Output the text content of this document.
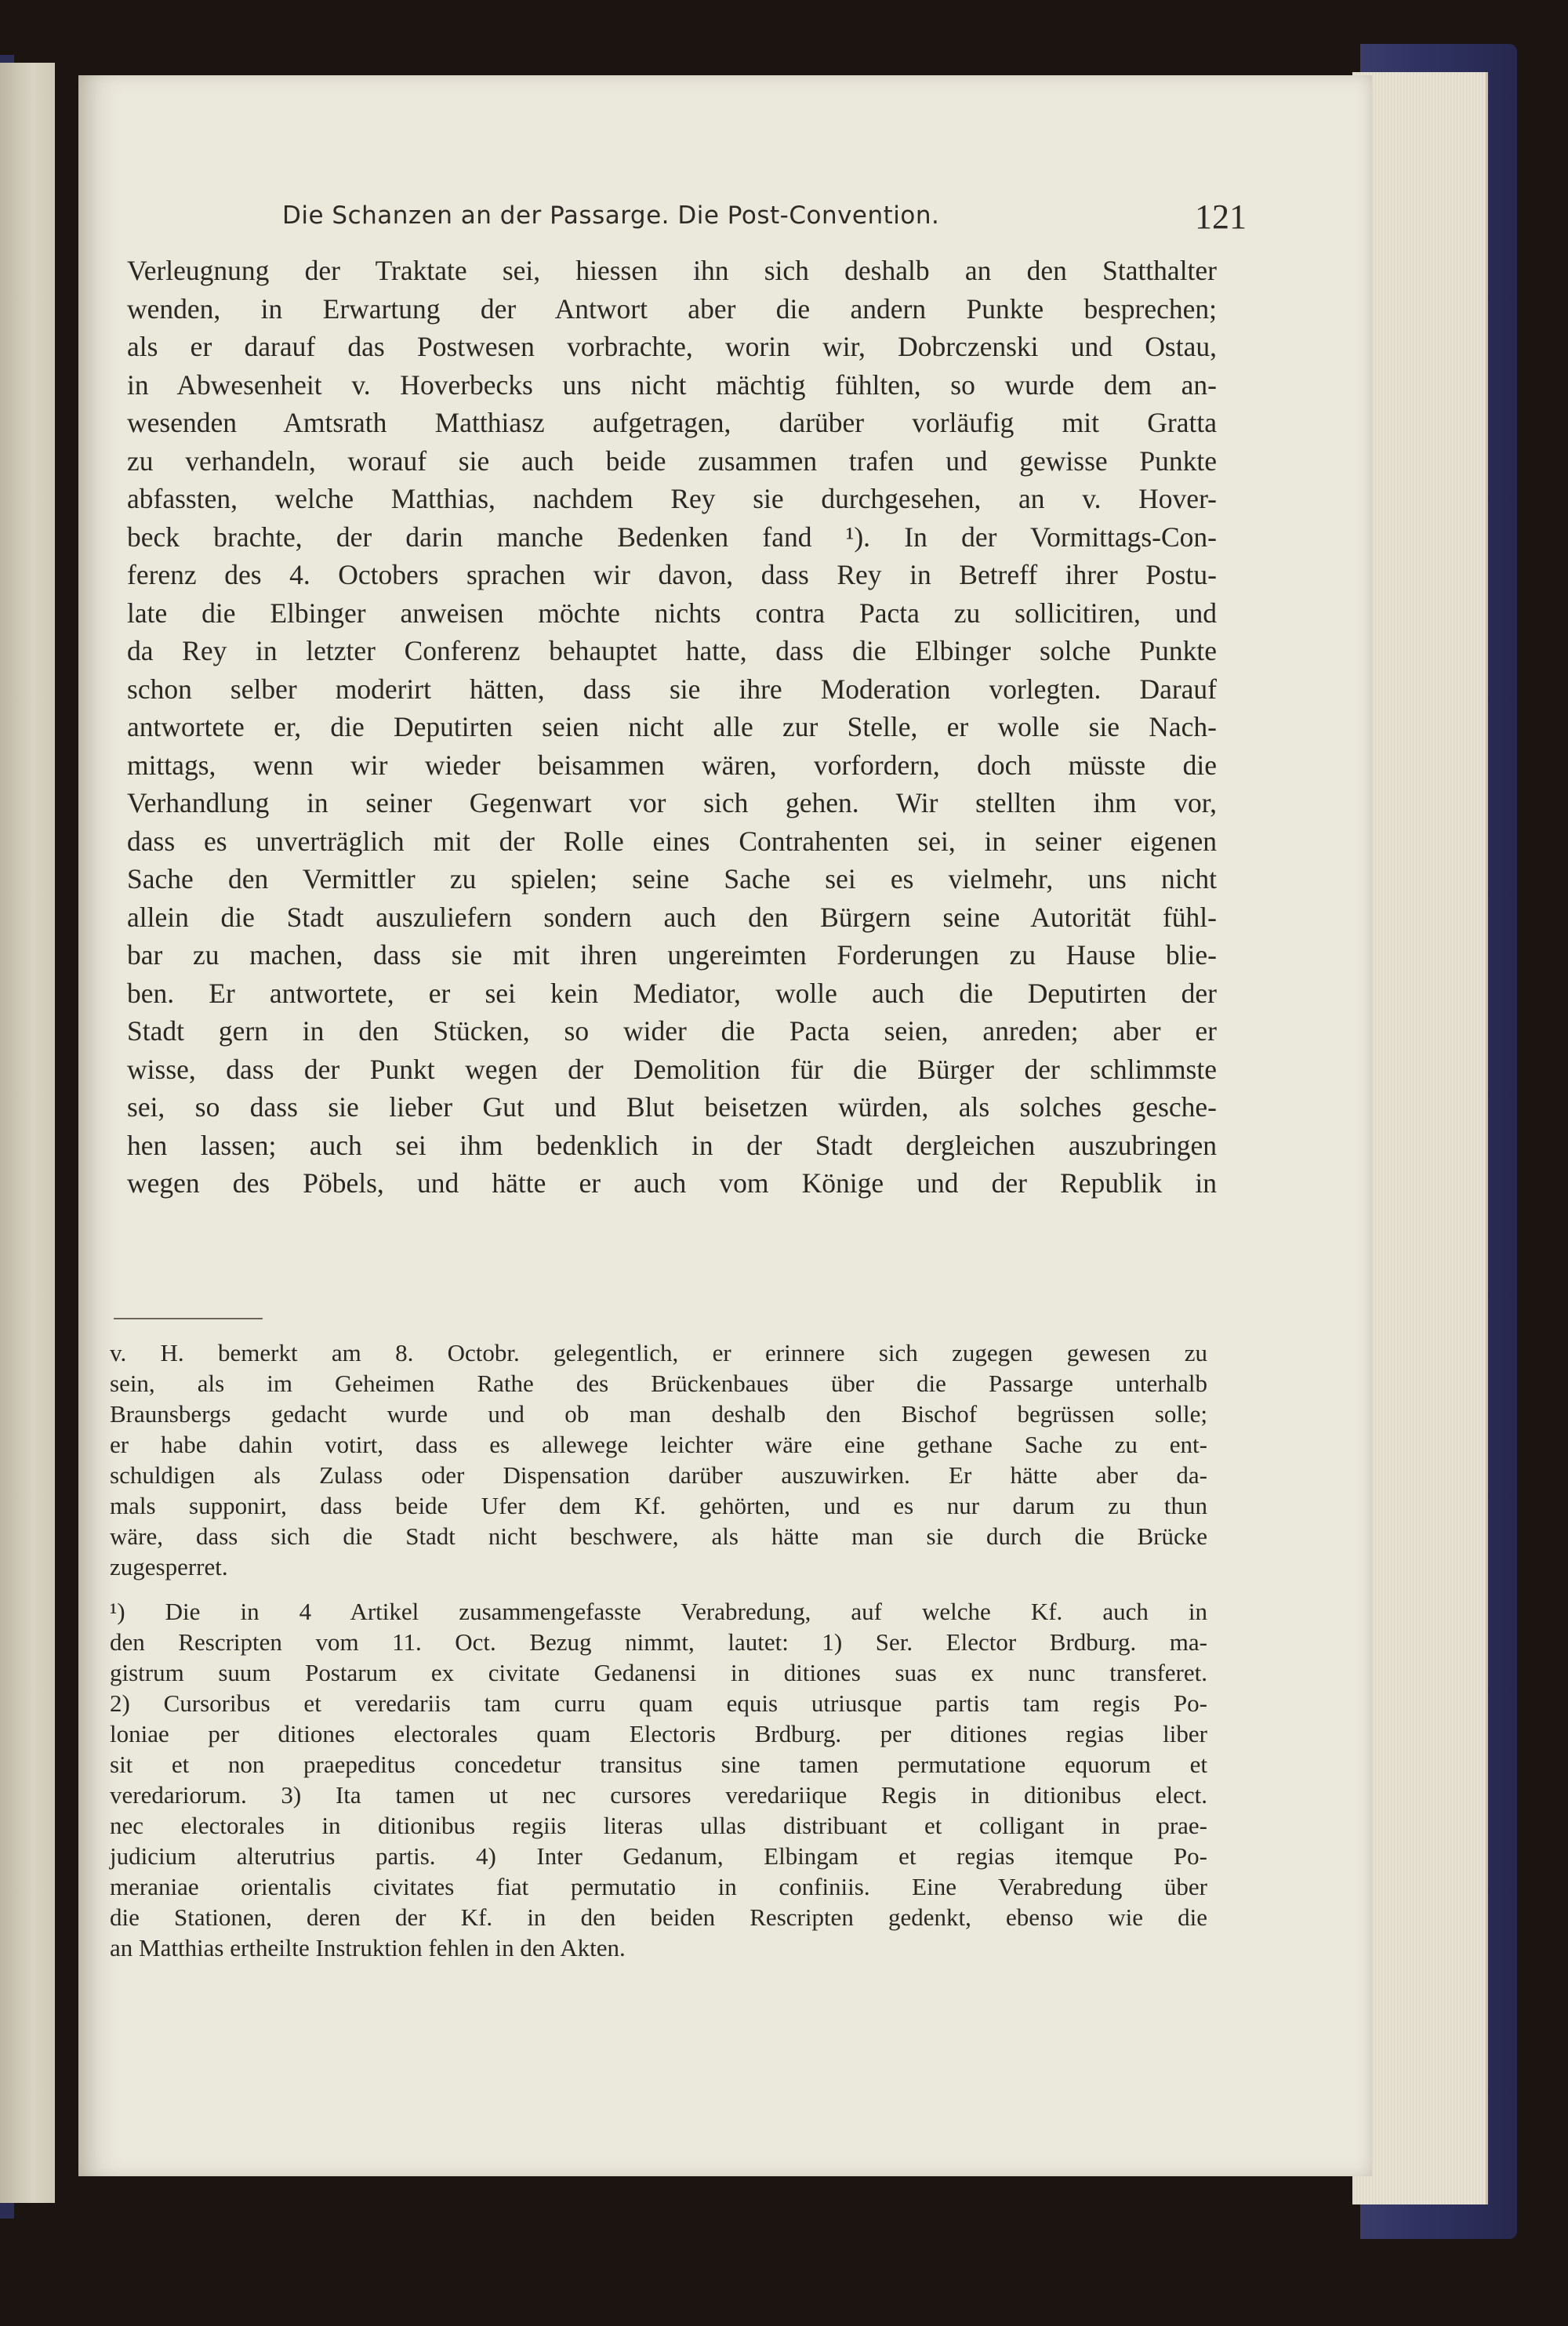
Die Schanzen an der Passarge. Die Post-Convention.	121
Verleugnung der Traktate sei, hiessen ihn sich deshalb an den Statthalter
wenden, in Erwartung der Antwort aber die andern Punkte besprechen;
als er darauf das Postwesen vorbrachte, worin wir, Dobrczenski und Ostau,
in Abwesenheit v. Hoverbecks uns nicht mächtig fühlten, so wurde dem an-
wesenden Amtsrath Matthiasz aufgetragen, darüber vorläufig mit Gratta
zu verhandeln, worauf sie auch beide zusammen trafen und gewisse Punkte
abfassten, welche Matthias, nachdem Rey sie durchgesehen, an v. Hover-
beck brachte, der darin manche Bedenken fand ¹). In der Vormittags-Con-
ferenz des 4. Octobers sprachen wir davon, dass Rey in Betreff ihrer Postu-
late die Elbinger anweisen möchte nichts contra Pacta zu sollicitiren, und
da Rey in letzter Conferenz behauptet hatte, dass die Elbinger solche Punkte
schon selber moderirt hätten, dass sie ihre Moderation vorlegten. Darauf
antwortete er, die Deputirten seien nicht alle zur Stelle, er wolle sie Nach-
mittags, wenn wir wieder beisammen wären, vorfordern, doch müsste die
Verhandlung in seiner Gegenwart vor sich gehen. Wir stellten ihm vor,
dass es unverträglich mit der Rolle eines Contrahenten sei, in seiner eigenen
Sache den Vermittler zu spielen; seine Sache sei es vielmehr, uns nicht
allein die Stadt auszuliefern sondern auch den Bürgern seine Autorität fühl-
bar zu machen, dass sie mit ihren ungereimten Forderungen zu Hause blie-
ben. Er antwortete, er sei kein Mediator, wolle auch die Deputirten der
Stadt gern in den Stücken, so wider die Pacta seien, anreden; aber er
wisse, dass der Punkt wegen der Demolition für die Bürger der schlimmste
sei, so dass sie lieber Gut und Blut beisetzen würden, als solches gesche-
hen lassen; auch sei ihm bedenklich in der Stadt dergleichen auszubringen
wegen des Pöbels, und hätte er auch vom Könige und der Republik in
v. H. bemerkt am 8. Octobr. gelegentlich, er erinnere sich zugegen gewesen zu
sein, als im Geheimen Rathe des Brückenbaues über die Passarge unterhalb
Braunsbergs gedacht wurde und ob man deshalb den Bischof begrüssen solle;
er habe dahin votirt, dass es allewege leichter wäre eine gethane Sache zu ent-
schuldigen als Zulass oder Dispensation darüber auszuwirken. Er hätte aber da-
mals supponirt, dass beide Ufer dem Kf. gehörten, und es nur darum zu thun
wäre, dass sich die Stadt nicht beschwere, als hätte man sie durch die Brücke
zugesperret.
¹) Die in 4 Artikel zusammengefasste Verabredung, auf welche Kf. auch in
den Rescripten vom 11. Oct. Bezug nimmt, lautet: 1) Ser. Elector Brdburg. ma-
gistrum suum Postarum ex civitate Gedanensi in ditiones suas ex nunc transferet.
2) Cursoribus et veredariis tam curru quam equis utriusque partis tam regis Po-
loniae per ditiones electorales quam Electoris Brdburg. per ditiones regias liber
sit et non praepeditus concedetur transitus sine tamen permutatione equorum et
veredariorum. 3) Ita tamen ut nec cursores veredariique Regis in ditionibus elect.
nec electorales in ditionibus regiis literas ullas distribuant et colligant in prae-
judicium alterutrius partis. 4) Inter Gedanum, Elbingam et regias itemque Po-
meraniae orientalis civitates fiat permutatio in confiniis. Eine Verabredung über
die Stationen, deren der Kf. in den beiden Rescripten gedenkt, ebenso wie die
an Matthias ertheilte Instruktion fehlen in den Akten.
